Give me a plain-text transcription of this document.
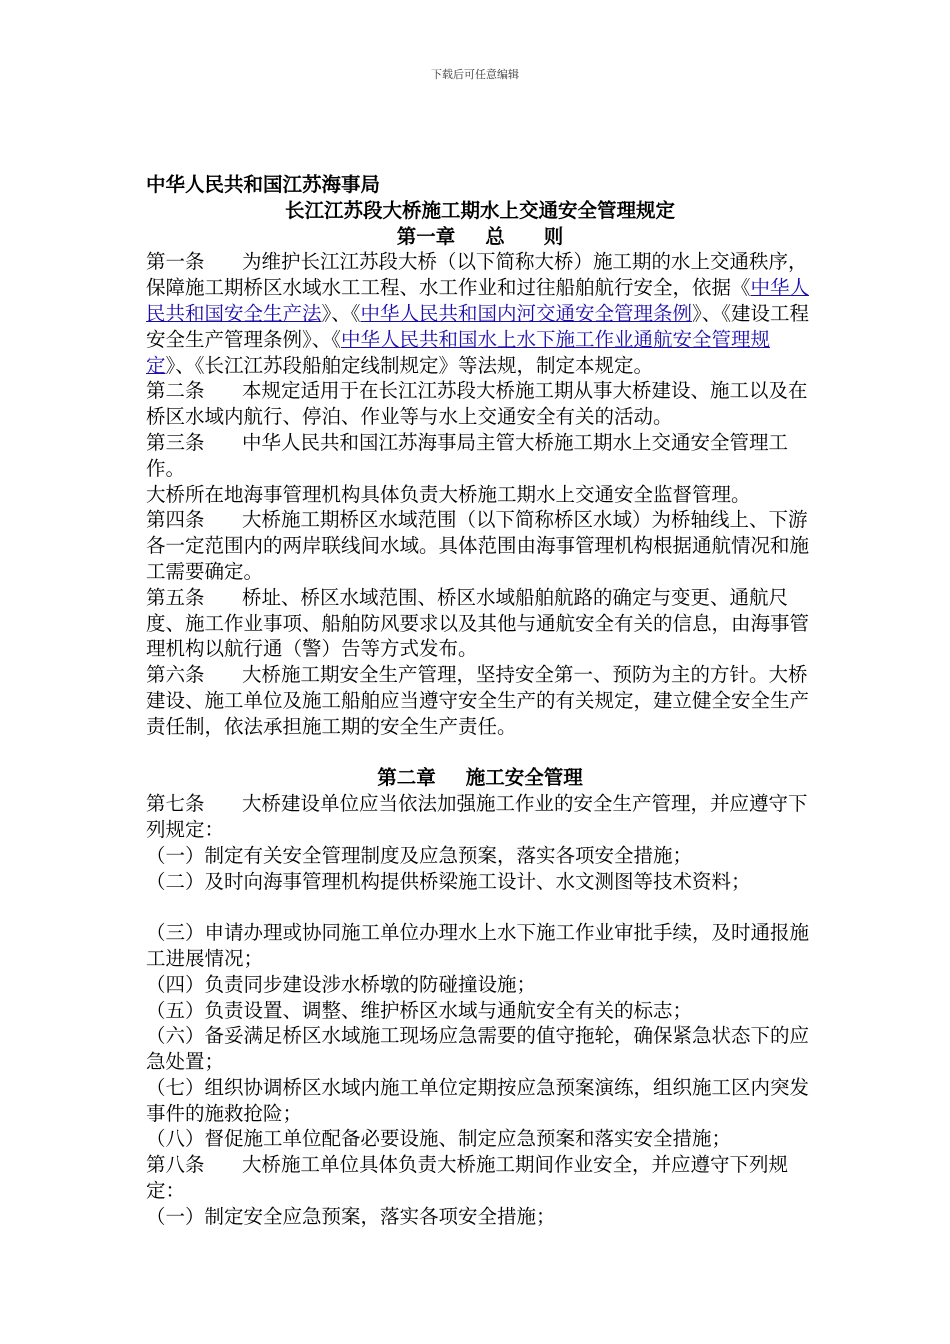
下载后可任意编辑
中华人民共和国江苏海事局
长江江苏段大桥施工期水上交通安全管理规定
第一章 总　　则

第一条 为维护长江江苏段大桥（以下简称大桥）施工期的水上交通秩序，保障施工期桥区水域水工工程、水工作业和过往船舶航行安全，依据《中华人民共和国安全生产法》、《中华人民共和国内河交通安全管理条例》、《建设工程安全生产管理条例》、《中华人民共和国水上水下施工作业通航安全管理规定》、《长江江苏段船舶定线制规定》等法规，制定本规定。

第二条 本规定适用于在长江江苏段大桥施工期从事大桥建设、施工以及在桥区水域内航行、停泊、作业等与水上交通安全有关的活动。

第三条 中华人民共和国江苏海事局主管大桥施工期水上交通安全管理工作。

大桥所在地海事管理机构具体负责大桥施工期水上交通安全监督管理。

第四条 大桥施工期桥区水域范围（以下简称桥区水域）为桥轴线上、下游各一定范围内的两岸联线间水域。具体范围由海事管理机构根据通航情况和施工需要确定。

第五条 桥址、桥区水域范围、桥区水域船舶航路的确定与变更、通航尺度、施工作业事项、船舶防风要求以及其他与通航安全有关的信息，由海事管理机构以航行通（警）告等方式发布。

第六条 大桥施工期安全生产管理，坚持安全第一、预防为主的方针。大桥建设、施工单位及施工船舶应当遵守安全生产的有关规定，建立健全安全生产责任制，依法承担施工期的安全生产责任。

第二章 施工安全管理

第七条 大桥建设单位应当依法加强施工作业的安全生产管理，并应遵守下列规定：

（一）制定有关安全管理制度及应急预案，落实各项安全措施；

（二）及时向海事管理机构提供桥梁施工设计、水文测图等技术资料；

（三）申请办理或协同施工单位办理水上水下施工作业审批手续，及时通报施工进展情况；

（四）负责同步建设涉水桥墩的防碰撞设施；

（五）负责设置、调整、维护桥区水域与通航安全有关的标志；

（六）备妥满足桥区水域施工现场应急需要的值守拖轮，确保紧急状态下的应急处置；

（七）组织协调桥区水域内施工单位定期按应急预案演练，组织施工区内突发事件的施救抢险；

（八）督促施工单位配备必要设施、制定应急预案和落实安全措施；

第八条 大桥施工单位具体负责大桥施工期间作业安全，并应遵守下列规定：

（一）制定安全应急预案，落实各项安全措施；
